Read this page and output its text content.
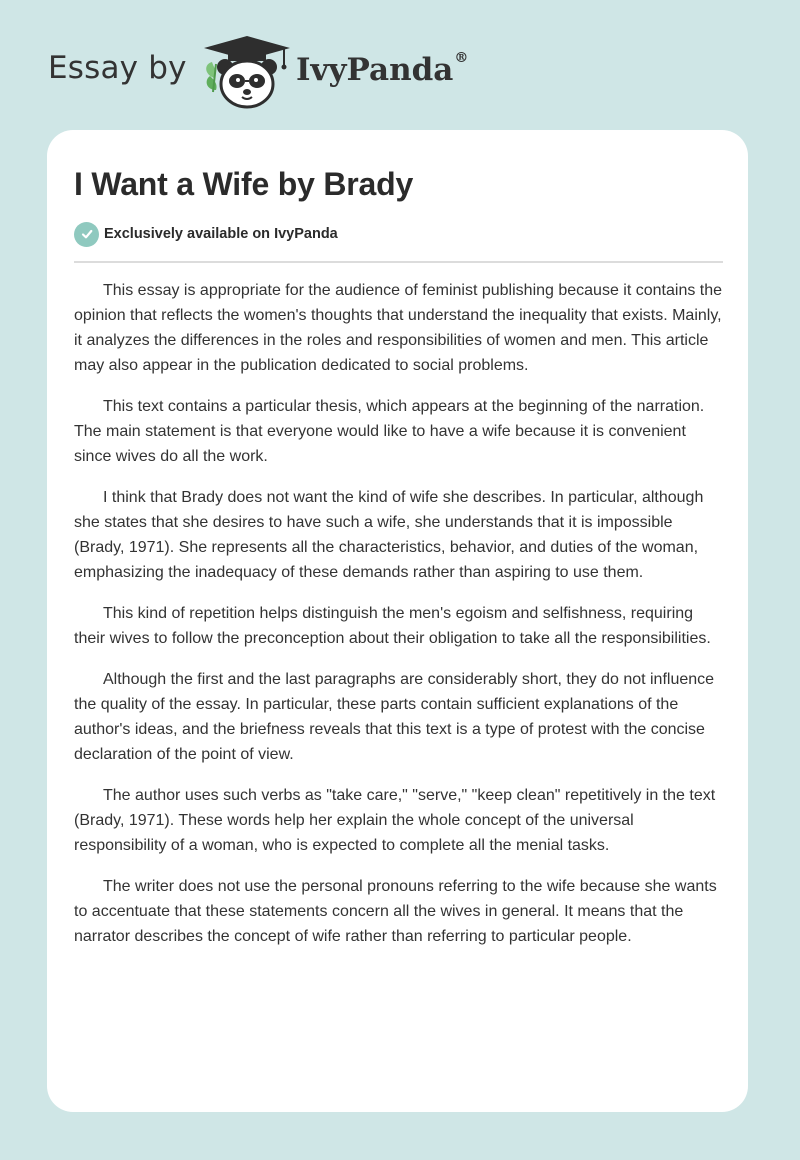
Essay by	IvyPanda®
I Want a Wife by Brady
Exclusively available on IvyPanda

This essay is appropriate for the audience of feminist publishing because it contains the opinion that reflects the women's thoughts that understand the inequality that exists. Mainly, it analyzes the differences in the roles and responsibilities of women and men. This article may also appear in the publication dedicated to social problems.

This text contains a particular thesis, which appears at the beginning of the narration. The main statement is that everyone would like to have a wife because it is convenient since wives do all the work.

I think that Brady does not want the kind of wife she describes. In particular, although she states that she desires to have such a wife, she understands that it is impossible (Brady, 1971). She represents all the characteristics, behavior, and duties of the woman, emphasizing the inadequacy of these demands rather than aspiring to use them.

This kind of repetition helps distinguish the men's egoism and selfishness, requiring their wives to follow the preconception about their obligation to take all the responsibilities.

Although the first and the last paragraphs are considerably short, they do not influence the quality of the essay. In particular, these parts contain sufficient explanations of the author's ideas, and the briefness reveals that this text is a type of protest with the concise declaration of the point of view.

The author uses such verbs as "take care," "serve," "keep clean" repetitively in the text (Brady, 1971). These words help her explain the whole concept of the universal responsibility of a woman, who is expected to complete all the menial tasks.

The writer does not use the personal pronouns referring to the wife because she wants to accentuate that these statements concern all the wives in general. It means that the narrator describes the concept of wife rather than referring to particular people.
